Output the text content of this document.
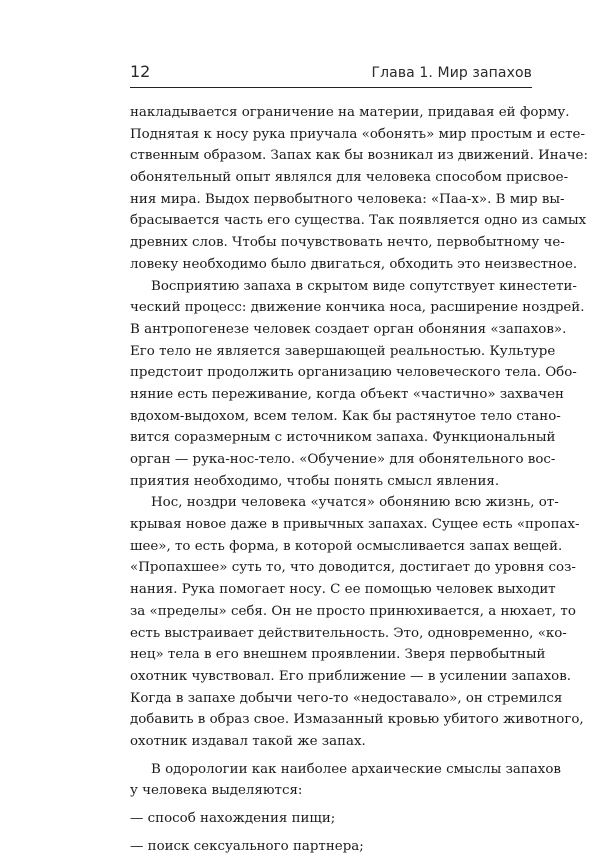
12	Глава 1. Мир запахов
накладывается ограничение на материи, придавая ей форму.
Поднятая к носу рука приучала «обонять» мир простым и есте-
ственным образом. Запах как бы возникал из движений. Иначе:
обонятельный опыт являлся для человека способом присвое-
ния мира. Выдох первобытного человека: «Паа-х». В мир вы-
брасывается часть его существа. Так появляется одно из самых
древних слов. Чтобы почувствовать нечто, первобытному че-
ловеку необходимо было двигаться, обходить это неизвестное.
Восприятию запаха в скрытом виде сопутствует кинестети-
ческий процесс: движение кончика носа, расширение ноздрей.
В антропогенезе человек создает орган обоняния «запахов».
Его тело не является завершающей реальностью. Культуре
предстоит продолжить организацию человеческого тела. Обо-
няние есть переживание, когда объект «частично» захвачен
вдохом-выдохом, всем телом. Как бы растянутое тело стано-
вится соразмерным с источником запаха. Функциональный
орган — рука-нос-тело. «Обучение» для обонятельного вос-
приятия необходимо, чтобы понять смысл явления.
Нос, ноздри человека «учатся» обонянию всю жизнь, от-
крывая новое даже в привычных запахах. Сущее есть «пропах-
шее», то есть форма, в которой осмысливается запах вещей.
«Пропахшее» суть то, что доводится, достигает до уровня соз-
нания. Рука помогает носу. С ее помощью человек выходит
за «пределы» себя. Он не просто принюхивается, а нюхает, то
есть выстраивает действительность. Это, одновременно, «ко-
нец» тела в его внешнем проявлении. Зверя первобытный
охотник чувствовал. Его приближение — в усилении запахов.
Когда в запахе добычи чего-то «недоставало», он стремился
добавить в образ свое. Измазанный кровью убитого животного,
охотник издавал такой же запах.
В одорологии как наиболее архаические смыслы запахов
у человека выделяются:
— способ нахождения пищи;
— поиск сексуального партнера;
